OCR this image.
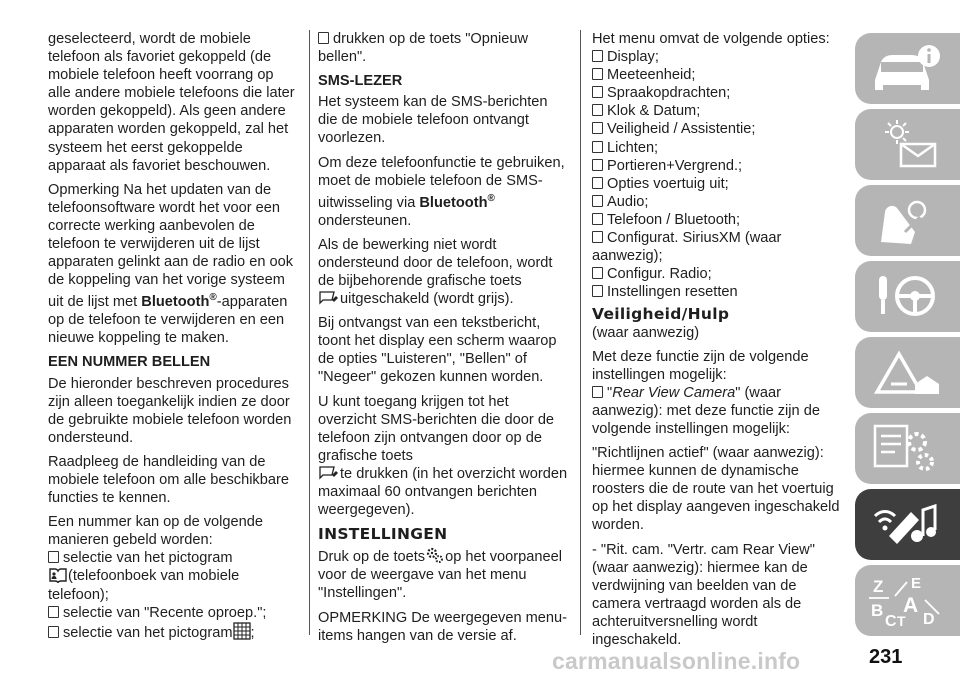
geselecteerd, wordt de mobiele telefoon als favoriet gekoppeld (de mobiele telefoon heeft voorrang op alle andere mobiele telefoons die later worden gekoppeld). Als geen andere apparaten worden gekoppeld, zal het systeem het eerst gekoppelde apparaat als favoriet beschouwen.

Opmerking Na het updaten van de telefoonsoftware wordt het voor een correcte werking aanbevolen de telefoon te verwijderen uit de lijst apparaten gelinkt aan de radio en ook de koppeling van het vorige systeem uit de lijst met Bluetooth®-apparaten op de telefoon te verwijderen en een nieuwe koppeling te maken.

EEN NUMMER BELLEN

De hieronder beschreven procedures zijn alleen toegankelijk indien ze door de gebruikte mobiele telefoon worden ondersteund.

Raadpleeg de handleiding van de mobiele telefoon om alle beschikbare functies te kennen.

Een nummer kan op de volgende manieren gebeld worden:

selectie van het pictogram
(telefoonboek van mobiele telefoon);
selectie van "Recente oproep.";
selectie van het pictogram ;
drukken op de toets "Opnieuw bellen".
SMS-LEZER

Het systeem kan de SMS-berichten die de mobiele telefoon ontvangt voorlezen.

Om deze telefoonfunctie te gebruiken, moet de mobiele telefoon de SMS-uitwisseling via Bluetooth®
ondersteunen.

Als de bewerking niet wordt ondersteund door de telefoon, wordt de bijbehorende grafische toets
uitgeschakeld (wordt grijs).

Bij ontvangst van een tekstbericht, toont het display een scherm waarop de opties "Luisteren", "Bellen" of "Negeer" gekozen kunnen worden.

U kunt toegang krijgen tot het overzicht SMS-berichten die door de telefoon zijn ontvangen door op de grafische toets
te drukken (in het overzicht worden maximaal 60 ontvangen berichten weergegeven).

INSTELLINGEN

Druk op de toets op het voorpaneel voor de weergave van het menu "Instellingen".

OPMERKING De weergegeven menu-items hangen van de versie af.

Het menu omvat de volgende opties:
Display;
Meeteenheid;
Spraakopdrachten;
Klok & Datum;
Veiligheid / Assistentie;
Lichten;
Portieren+Vergrend.;
Opties voertuig uit;
Audio;
Telefoon / Bluetooth;
Configurat. SiriusXM (waar aanwezig);
Configur. Radio;
Instellingen resetten
Veiligheid/Hulp

(waar aanwezig)

Met deze functie zijn de volgende instellingen mogelijk:

"Rear View Camera" (waar aanwezig): met deze functie zijn de volgende instellingen mogelijk:

"Richtlijnen actief" (waar aanwezig): hiermee kunnen de dynamische roosters die de route van het voertuig op het display aangeven ingeschakeld worden.

- "Rit. cam. "Vertr. cam Rear View" (waar aanwezig): hiermee kan de verdwijning van beelden van de camera vertraagd worden als de achteruitversnelling wordt ingeschakeld.

Z E
B A
C T D
carmanualsonline.info	231
